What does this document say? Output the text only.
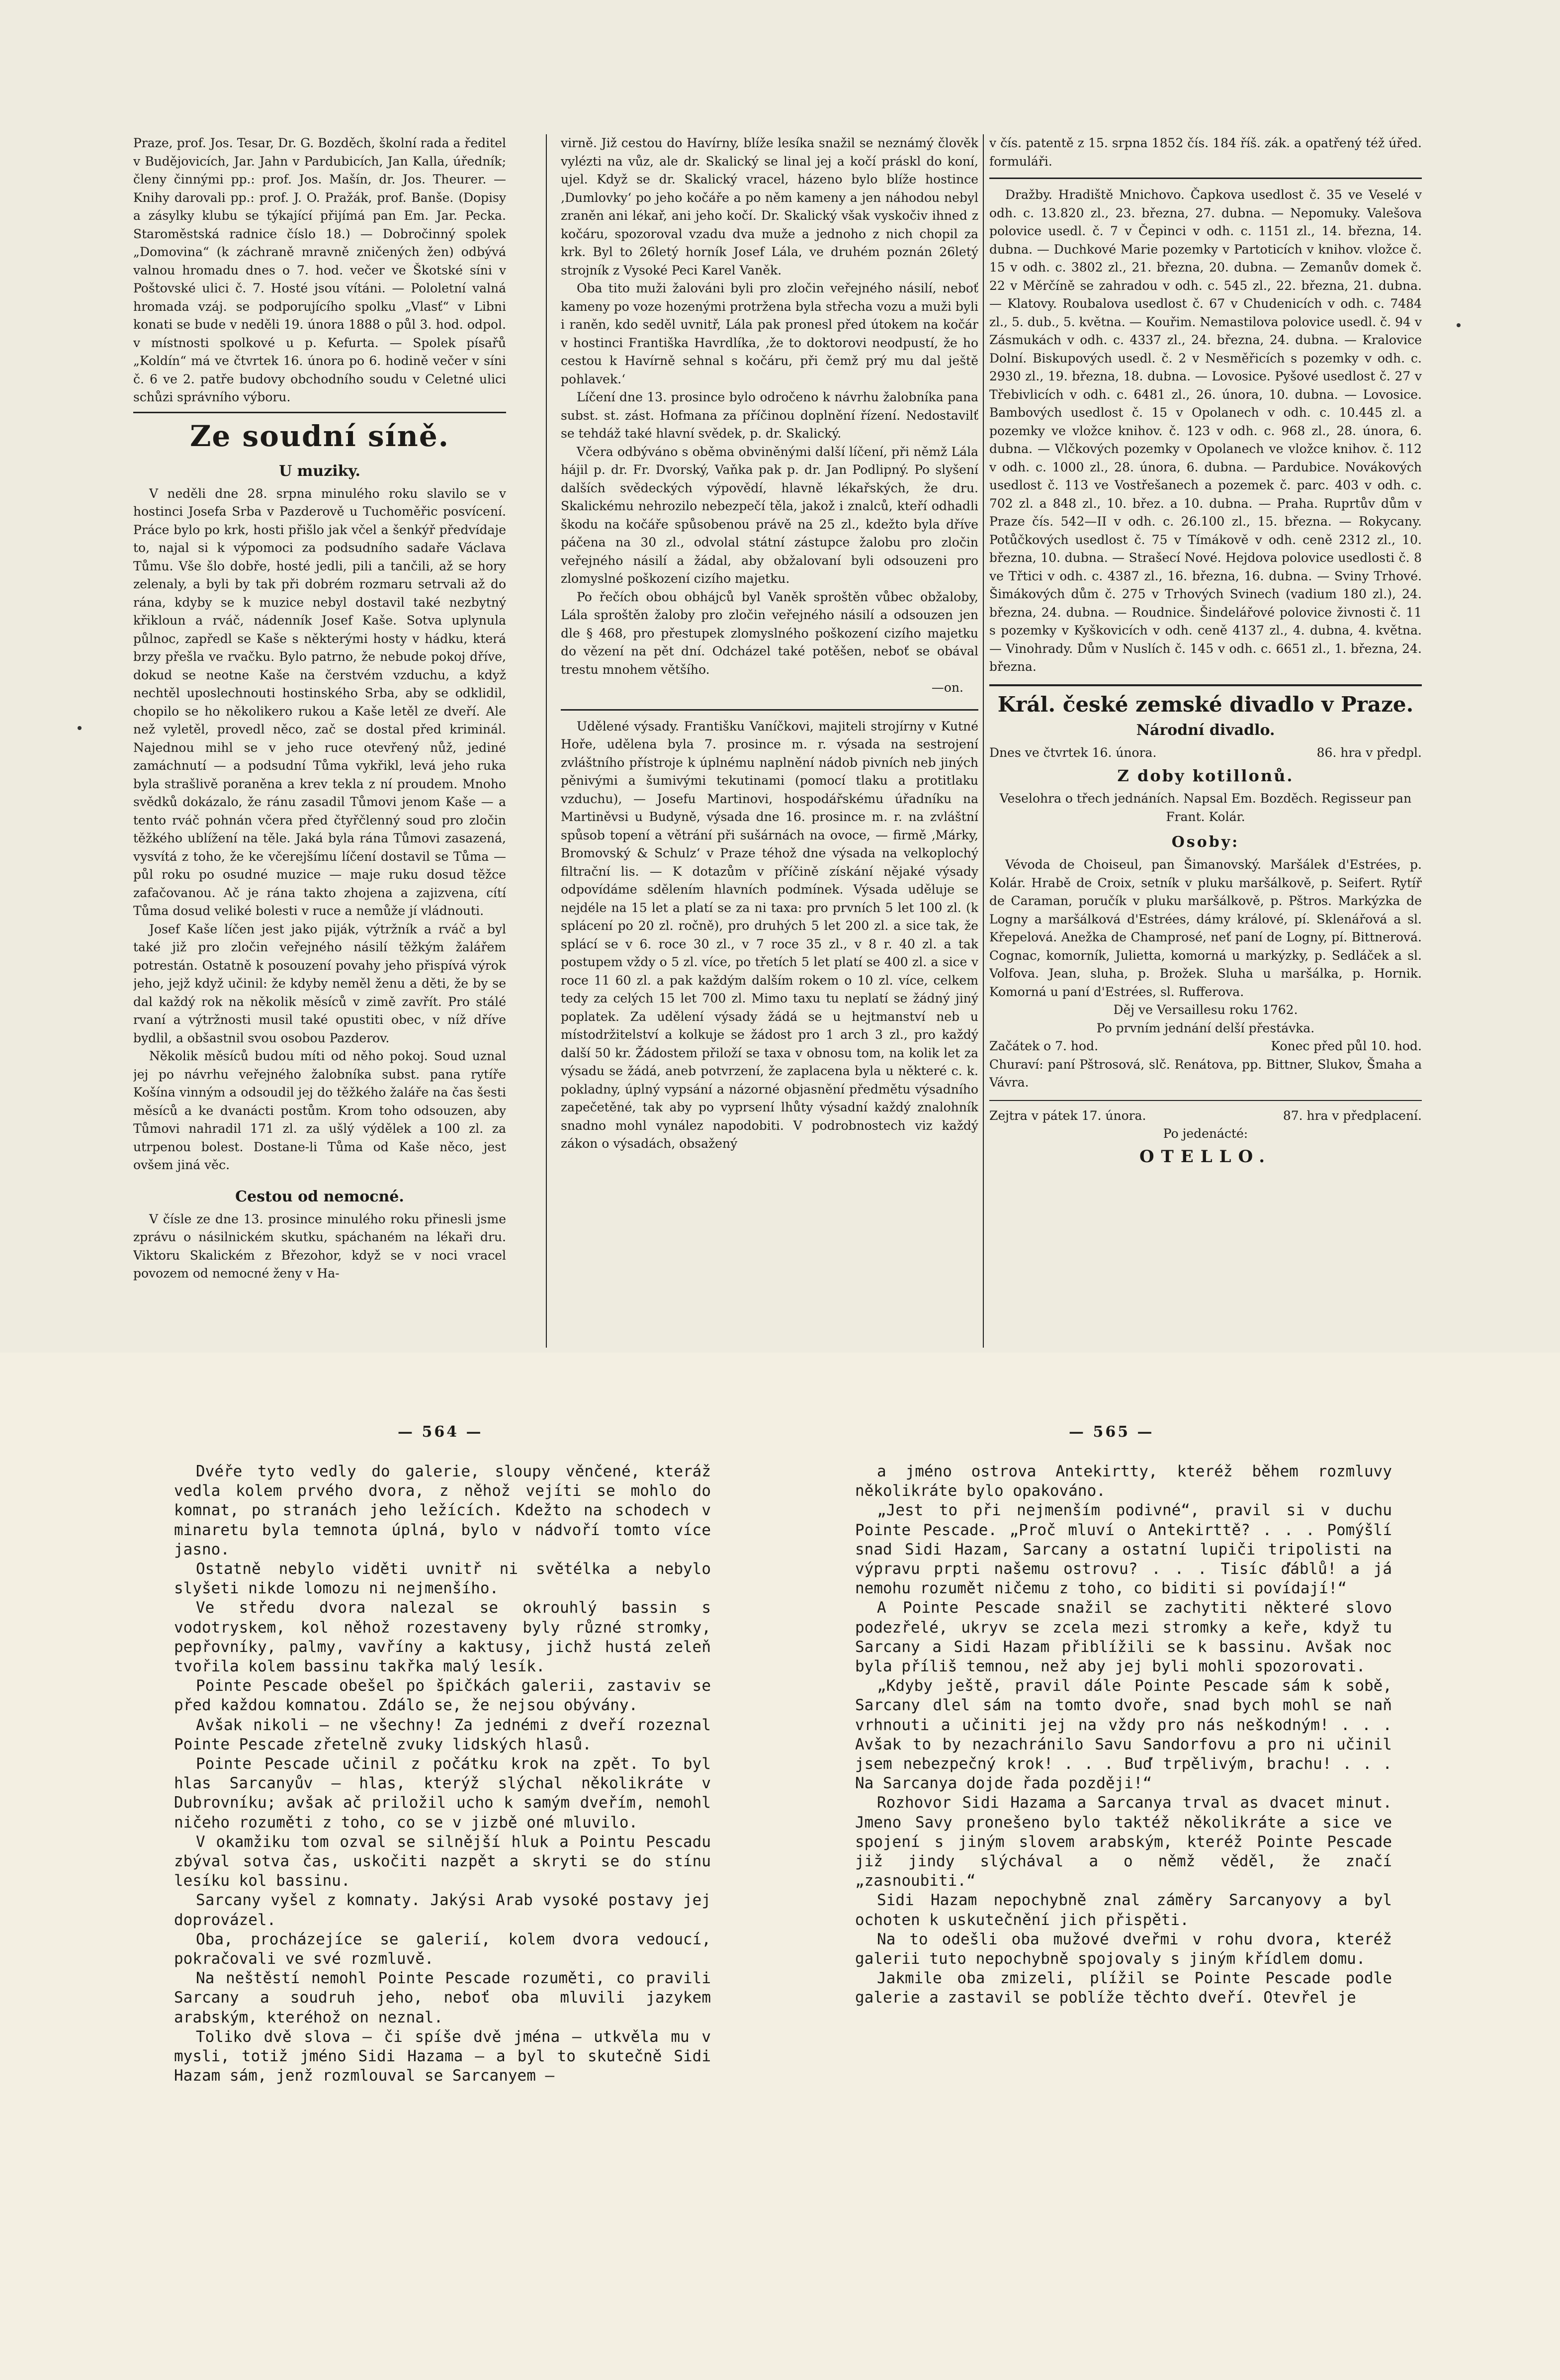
Praze, prof. Jos. Tesar, Dr. G. Bozděch, školní rada a ředitel v Budějovicích, Jar. Jahn v Pardubicích, Jan Kalla, úředník; členy činnými pp.: prof. Jos. Mašín, dr. Jos. Theurer. — Knihy darovali pp.: prof. J. O. Pražák, prof. Banše. (Dopisy a zásylky klubu se týkající přijímá pan Em. Jar. Pecka. Staroměstská radnice číslo 18.) — Dobročinný spolek „Domovina“ (k záchraně mravně zničených žen) odbývá valnou hromadu dnes o 7. hod. večer ve Škotské síni v Poštovské ulici č. 7. Hosté jsou vítáni. — Pololetní valná hromada vzáj. se podporujícího spolku „Vlasť“ v Libni konati se bude v neděli 19. února 1888 o půl 3. hod. odpol. v místnosti spolkové u p. Kefurta. — Spolek písařů „Koldín“ má ve čtvrtek 16. února po 6. hodině večer v síni č. 6 ve 2. patře budovy obchodního soudu v Celetné ulici schůzi správního výboru.

Ze soudní síně.
U muziky.

V neděli dne 28. srpna minulého roku slavilo se v hostinci Josefa Srba v Pazderově u Tuchoměřic posvícení. Práce bylo po krk, hosti přišlo jak včel a šenkýř předvídaje to, najal si k výpomoci za podsudního sadaře Václava Tůmu. Vše šlo dobře, hosté jedli, pili a tančili, až se hory zelenaly, a byli by tak při dobrém rozmaru setrvali až do rána, kdyby se k muzice nebyl dostavil také nezbytný křikloun a rváč, nádenník Josef Kaše. Sotva uplynula půlnoc, zapředl se Kaše s některými hosty v hádku, která brzy přešla ve rvačku. Bylo patrno, že nebude pokoj dříve, dokud se neotne Kaše na čerstvém vzduchu, a když nechtěl uposlechnouti hostinského Srba, aby se odklidil, chopilo se ho několikero rukou a Kaše letěl ze dveří. Ale než vyletěl, provedl něco, zač se dostal před kriminál. Najednou mihl se v jeho ruce otevřený nůž, jediné zamáchnutí — a podsudní Tůma vykřikl, levá jeho ruka byla strašlivě poraněna a krev tekla z ní proudem. Mnoho svědků dokázalo, že ránu zasadil Tůmovi jenom Kaše — a tento rváč pohnán včera před čtyřčlenný soud pro zločin těžkého ublížení na těle. Jaká byla rána Tůmovi zasazená, vysvítá z toho, že ke včerejšímu líčení dostavil se Tůma — půl roku po osudné muzice — maje ruku dosud těžce zafačovanou. Ač je rána takto zhojena a zajizvena, cítí Tůma dosud veliké bolesti v ruce a nemůže jí vládnouti.

Josef Kaše líčen jest jako piják, výtržník a rváč a byl také již pro zločin veřejného násilí těžkým žalářem potrestán. Ostatně k posouzení povahy jeho přispívá výrok jeho, jejž když učinil: že kdyby neměl ženu a děti, že by se dal každý rok na několik měsíců v zimě zavřít. Pro stálé rvaní a výtržnosti musil také opustiti obec, v níž dříve bydlil, a obšastnil svou osobou Pazderov.

Několik měsíců budou míti od něho pokoj. Soud uznal jej po návrhu veřejného žalobníka subst. pana rytíře Košína vinným a odsoudil jej do těžkého žaláře na čas šesti měsíců a ke dvanácti postům. Krom toho odsouzen, aby Tůmovi nahradil 171 zl. za ušlý výdělek a 100 zl. za utrpenou bolest. Dostane-li Tůma od Kaše něco, jest ovšem jiná věc.

Cestou od nemocné.

V čísle ze dne 13. prosince minulého roku přinesli jsme zprávu o násilnickém skutku, spáchaném na lékaři dru. Viktoru Skalickém z Březohor, když se v noci vracel povozem od nemocné ženy v Ha-

virně. Již cestou do Havírny, blíže lesíka snažil se neznámý člověk vylézti na vůz, ale dr. Skalický se linal jej a kočí práskl do koní, ujel. Když se dr. Skalický vracel, házeno bylo blíže hostince ‚Dumlovky‘ po jeho kočáře a po něm kameny a jen náhodou nebyl zraněn ani lékař, ani jeho kočí. Dr. Skalický však vyskočiv ihned z kočáru, spozoroval vzadu dva muže a jednoho z nich chopil za krk. Byl to 26letý horník Josef Lála, ve druhém poznán 26letý strojník z Vysoké Peci Karel Vaněk.

Oba tito muži žalováni byli pro zločin veřejného násilí, neboť kameny po voze hozenými protržena byla střecha vozu a muži byli i raněn, kdo seděl uvnitř, Lála pak pronesl před útokem na kočár v hostinci Františka Havrdlíka, ‚že to doktorovi neodpustí, že ho cestou k Havírně sehnal s kočáru, při čemž prý mu dal ještě pohlavek.‘

Líčení dne 13. prosince bylo odročeno k návrhu žalobníka pana subst. st. zást. Hofmana za příčinou doplnění řízení. Nedostavilť se tehdáž také hlavní svědek, p. dr. Skalický.

Včera odbýváno s oběma obviněnými další líčení, při němž Lála hájil p. dr. Fr. Dvorský, Vaňka pak p. dr. Jan Podlipný. Po slyšení dalších svědeckých výpovědí, hlavně lékařských, že dru. Skalickému nehrozilo nebezpečí těla, jakož i znalců, kteří odhadli škodu na kočáře spůsobenou právě na 25 zl., kdežto byla dříve páčena na 30 zl., odvolal státní zástupce žalobu pro zločin veřejného násilí a žádal, aby obžalovaní byli odsouzeni pro zlomyslné poškození cizího majetku.

Po řečích obou obhájců byl Vaněk sproštěn vůbec obžaloby, Lála sproštěn žaloby pro zločin veřejného násilí a odsouzen jen dle § 468, pro přestupek zlomyslného poškození cizího majetku do vězení na pět dní. Odcházel také potěšen, neboť se obával trestu mnohem většího.

—on.

Udělené výsady. Františku Vaníčkovi, majiteli strojírny v Kutné Hoře, udělena byla 7. prosince m. r. výsada na sestrojení zvláštního přístroje k úplnému naplnění nádob pivních neb jiných pěnivými a šumivými tekutinami (pomocí tlaku a protitlaku vzduchu), — Josefu Martinovi, hospodářskému úřadníku na Martiněvsi u Budyně, výsada dne 16. prosince m. r. na zvláštní spůsob topení a větrání při sušárnách na ovoce, — firmě ‚Márky, Bromovský & Schulz‘ v Praze téhož dne výsada na velkoplochý filtrační lis. — K dotazům v příčině získání nějaké výsady odpovídáme sdělením hlavních podmínek. Výsada uděluje se nejdéle na 15 let a platí se za ni taxa: pro prvních 5 let 100 zl. (k splácení po 20 zl. ročně), pro druhých 5 let 200 zl. a sice tak, že splácí se v 6. roce 30 zl., v 7 roce 35 zl., v 8 r. 40 zl. a tak postupem vždy o 5 zl. více, po třetích 5 let platí se 400 zl. a sice v roce 11 60 zl. a pak každým dalším rokem o 10 zl. více, celkem tedy za celých 15 let 700 zl. Mimo taxu tu neplatí se žádný jiný poplatek. Za udělení výsady žádá se u hejtmanství neb u místodržitelství a kolkuje se žádost pro 1 arch 3 zl., pro každý další 50 kr. Žádostem přiloží se taxa v obnosu tom, na kolik let za výsadu se žádá, aneb potvrzení, že zaplacena byla u některé c. k. pokladny, úplný vypsání a názorné objasnění předmětu výsadního zapečetěné, tak aby po vyprsení lhůty výsadní každý znalohník snadno mohl vynález napodobiti. V podrobnostech viz každý zákon o výsadách, obsažený

v čís. patentě z 15. srpna 1852 čís. 184 říš. zák. a opatřený též úřed. formuláři.

Dražby. Hradiště Mnichovo. Čapkova usedlost č. 35 ve Veselé v odh. c. 13.820 zl., 23. března, 27. dubna. — Nepomuky. Valešova polovice usedl. č. 7 v Čepinci v odh. c. 1151 zl., 14. března, 14. dubna. — Duchkové Marie pozemky v Partoticích v knihov. vložce č. 15 v odh. c. 3802 zl., 21. března, 20. dubna. — Zemanův domek č. 22 v Měrčíně se zahradou v odh. c. 545 zl., 22. března, 21. dubna. — Klatovy. Roubalova usedlost č. 67 v Chudenicích v odh. c. 7484 zl., 5. dub., 5. května. — Kouřim. Nemastilova polovice usedl. č. 94 v Zásmukách v odh. c. 4337 zl., 24. března, 24. dubna. — Kralovice Dolní. Biskupových usedl. č. 2 v Nesměřicích s pozemky v odh. c. 2930 zl., 19. března, 18. dubna. — Lovosice. Pyšové usedlost č. 27 v Třebivlicích v odh. c. 6481 zl., 26. února, 10. dubna. — Lovosice. Bambových usedlost č. 15 v Opolanech v odh. c. 10.445 zl. a pozemky ve vložce knihov. č. 123 v odh. c. 968 zl., 28. února, 6. dubna. — Vlčkových pozemky v Opolanech ve vložce knihov. č. 112 v odh. c. 1000 zl., 28. února, 6. dubna. — Pardubice. Novákových usedlost č. 113 ve Vostřešanech a pozemek č. parc. 403 v odh. c. 702 zl. a 848 zl., 10. břez. a 10. dubna. — Praha. Ruprtův dům v Praze čís. 542—II v odh. c. 26.100 zl., 15. března. — Rokycany. Potůčkových usedlost č. 75 v Tímákově v odh. ceně 2312 zl., 10. března, 10. dubna. — Strašecí Nové. Hejdova polovice usedlosti č. 8 ve Třtici v odh. c. 4387 zl., 16. března, 16. dubna. — Sviny Trhové. Šimákových dům č. 275 v Trhových Svinech (vadium 180 zl.), 24. března, 24. dubna. — Roudnice. Šindelářové polovice živnosti č. 11 s pozemky v Kyškovicích v odh. ceně 4137 zl., 4. dubna, 4. května. — Vinohrady. Dům v Nuslích č. 145 v odh. c. 6651 zl., 1. března, 24. března.

Král. české zemské divadlo v Praze.
Národní divadlo.
Dnes ve čtvrtek 16. února.	86. hra v předpl.
Z doby kotillonů.

Veselohra o třech jednáních. Napsal Em. Bozděch. Regisseur pan Frant. Kolár.

Osoby:

Vévoda de Choiseul, pan Šimanovský. Maršálek d'Estrées, p. Kolár. Hrabě de Croix, setník v pluku maršálkově, p. Seifert. Rytíř de Caraman, poručík v pluku maršálkově, p. Pštros. Markýzka de Logny a maršálková d'Estrées, dámy králové, pí. Sklenářová a sl. Křepelová. Anežka de Champrosé, neť paní de Logny, pí. Bittnerová. Cognac, komorník, Julietta, komorná u markýzky, p. Sedláček a sl. Volfova. Jean, sluha, p. Brožek. Sluha u maršálka, p. Hornik. Komorná u paní d'Estrées, sl. Rufferova.

Děj ve Versaillesu roku 1762.

Po prvním jednání delší přestávka.

Začátek o 7. hod.	Konec před půl 10. hod.

Churaví: paní Pštrosová, slč. Renátova, pp. Bittner, Slukov, Šmaha a Vávra.

Zejtra v pátek 17. února.	87. hra v předplacení.

Po jedenácté:

OTELLO.
— 564 —	— 565 —

Dvéře tyto vedly do galerie, sloupy věnčené, kteráž vedla kolem prvého dvora, z něhož vejíti se mohlo do komnat, po stranách jeho ležících. Kdežto na schodech v minaretu byla temnota úplná, bylo v nádvoří tomto více jasno.

Ostatně nebylo viděti uvnitř ni světélka a nebylo slyšeti nikde lomozu ni nejmenšího.

Ve středu dvora nalezal se okrouhlý bassin s vodotryskem, kol něhož rozestaveny byly různé stromky, pepřovníky, palmy, vavříny a kaktusy, jichž hustá zeleň tvořila kolem bassinu takřka malý lesík.

Pointe Pescade obešel po špičkách galerii, zastaviv se před každou komnatou. Zdálo se, že nejsou obývány.

Avšak nikoli — ne všechny! Za jednémi z dveří rozeznal Pointe Pescade zřetelně zvuky lidských hlasů.

Pointe Pescade učinil z počátku krok na zpět. To byl hlas Sarcanyův — hlas, kterýž slýchal několikráte v Dubrovníku; avšak ač priložil ucho k samým dveřím, nemohl ničeho rozuměti z toho, co se v jizbě oné mluvilo.

V okamžiku tom ozval se silnější hluk a Pointu Pescadu zbýval sotva čas, uskočiti nazpět a skryti se do stínu lesíku kol bassinu.

Sarcany vyšel z komnaty. Jakýsi Arab vysoké postavy jej doprovázel.

Oba, procházejíce se galerií, kolem dvora vedoucí, pokračovali ve své rozmluvě.

Na neštěstí nemohl Pointe Pescade rozuměti, co pravili Sarcany a soudruh jeho, neboť oba mluvili jazykem arabským, kteréhož on neznal.

Toliko dvě slova — či spíše dvě jména — utkvěla mu v mysli, totiž jméno Sidi Hazama — a byl to skutečně Sidi Hazam sám, jenž rozmlouval se Sarcanyem —

a jméno ostrova Antekirtty, kteréž během rozmluvy několikráte bylo opakováno.

„Jest to při nejmenším podivné“, pravil si v duchu Pointe Pescade. „Proč mluví o Antekirttě? . . . Pomýšlí snad Sidi Hazam, Sarcany a ostatní lupiči tripolisti na výpravu prpti našemu ostrovu? . . . Tisíc ďáblů! a já nemohu rozumět ničemu z toho, co biditi si povídají!“

A Pointe Pescade snažil se zachytiti některé slovo podezřelé, ukryv se zcela mezi stromky a keře, když tu Sarcany a Sidi Hazam přiblížili se k bassinu. Avšak noc byla příliš temnou, než aby jej byli mohli spozorovati.

„Kdyby ještě, pravil dále Pointe Pescade sám k sobě, Sarcany dlel sám na tomto dvoře, snad bych mohl se naň vrhnouti a učiniti jej na vždy pro nás neškodným! . . . Avšak to by nezachránilo Savu Sandorfovu a pro ni učinil jsem nebezpečný krok! . . . Buď trpělivým, brachu! . . . Na Sarcanya dojde řada později!“

Rozhovor Sidi Hazama a Sarcanya trval as dvacet minut. Jmeno Savy pronešeno bylo taktéž několikráte a sice ve spojení s jiným slovem arabským, kteréž Pointe Pescade již jindy slýchával a o němž věděl, že značí „zasnoubiti.“

Sidi Hazam nepochybně znal záměry Sarcanyovy a byl ochoten k uskutečnění jich přispěti.

Na to odešli oba mužové dveřmi v rohu dvora, kteréž galerii tuto nepochybně spojovaly s jiným křídlem domu.

Jakmile oba zmizeli, plížil se Pointe Pescade podle galerie a zastavil se poblíže těchto dveří. Otevřel je
